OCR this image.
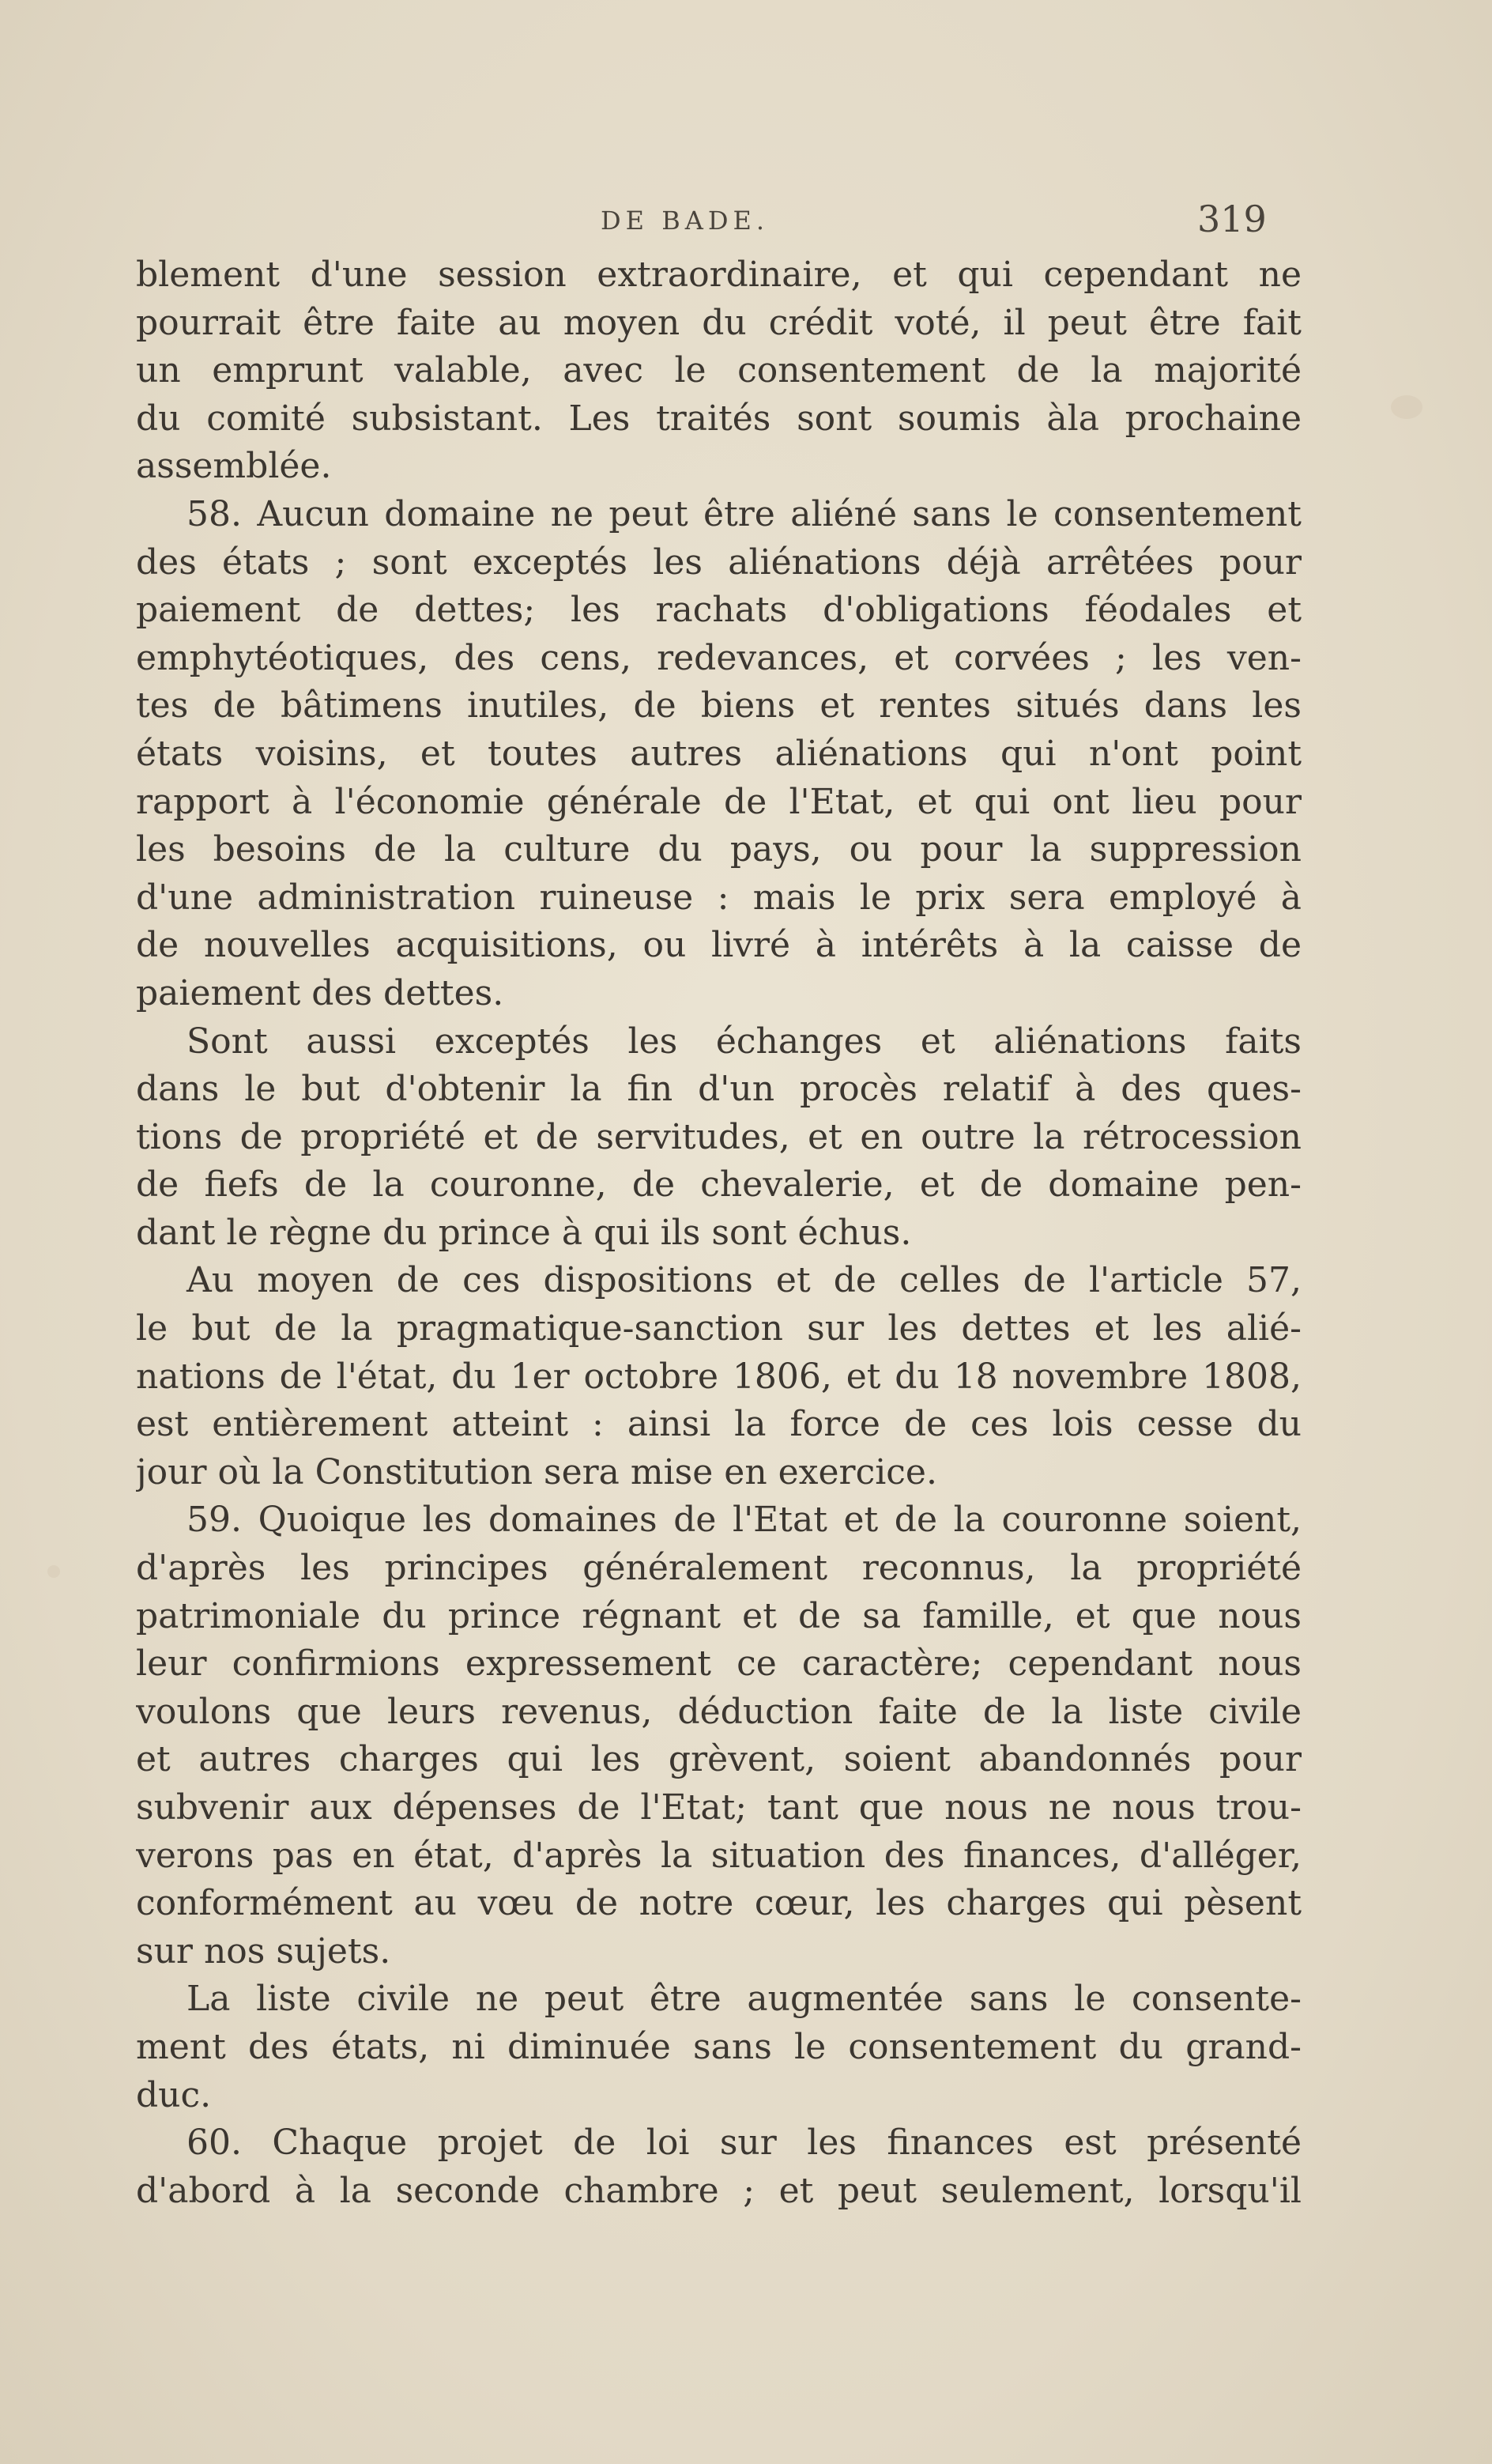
DE BADE.	319
blement d'une session extraordinaire, et qui cependant ne
pourrait être faite au moyen du crédit voté, il peut être fait
un emprunt valable, avec le consentement de la majorité
du comité subsistant. Les traités sont soumis àla prochaine
assemblée.
58. Aucun domaine ne peut être aliéné sans le consentement
des états ; sont exceptés les aliénations déjà arrêtées pour
paiement de dettes; les rachats d'obligations féodales et
emphytéotiques, des cens, redevances, et corvées ; les ven-
tes de bâtimens inutiles, de biens et rentes situés dans les
états voisins, et toutes autres aliénations qui n'ont point
rapport à l'économie générale de l'Etat, et qui ont lieu pour
les besoins de la culture du pays, ou pour la suppression
d'une administration ruineuse : mais le prix sera employé à
de nouvelles acquisitions, ou livré à intérêts à la caisse de
paiement des dettes.
Sont aussi exceptés les échanges et aliénations faits
dans le but d'obtenir la fin d'un procès relatif à des ques-
tions de propriété et de servitudes, et en outre la rétrocession
de fiefs de la couronne, de chevalerie, et de domaine pen-
dant le règne du prince à qui ils sont échus.
Au moyen de ces dispositions et de celles de l'article 57,
le but de la pragmatique-sanction sur les dettes et les alié-
nations de l'état, du 1er octobre 1806, et du 18 novembre 1808,
est entièrement atteint : ainsi la force de ces lois cesse du
jour où la Constitution sera mise en exercice.
59. Quoique les domaines de l'Etat et de la couronne soient,
d'après les principes généralement reconnus, la propriété
patrimoniale du prince régnant et de sa famille, et que nous
leur confirmions expressement ce caractère; cependant nous
voulons que leurs revenus, déduction faite de la liste civile
et autres charges qui les grèvent, soient abandonnés pour
subvenir aux dépenses de l'Etat; tant que nous ne nous trou-
verons pas en état, d'après la situation des finances, d'alléger,
conformément au vœu de notre cœur, les charges qui pèsent
sur nos sujets.
La liste civile ne peut être augmentée sans le consente-
ment des états, ni diminuée sans le consentement du grand-
duc.
60. Chaque projet de loi sur les finances est présenté
d'abord à la seconde chambre ; et peut seulement, lorsqu'il
